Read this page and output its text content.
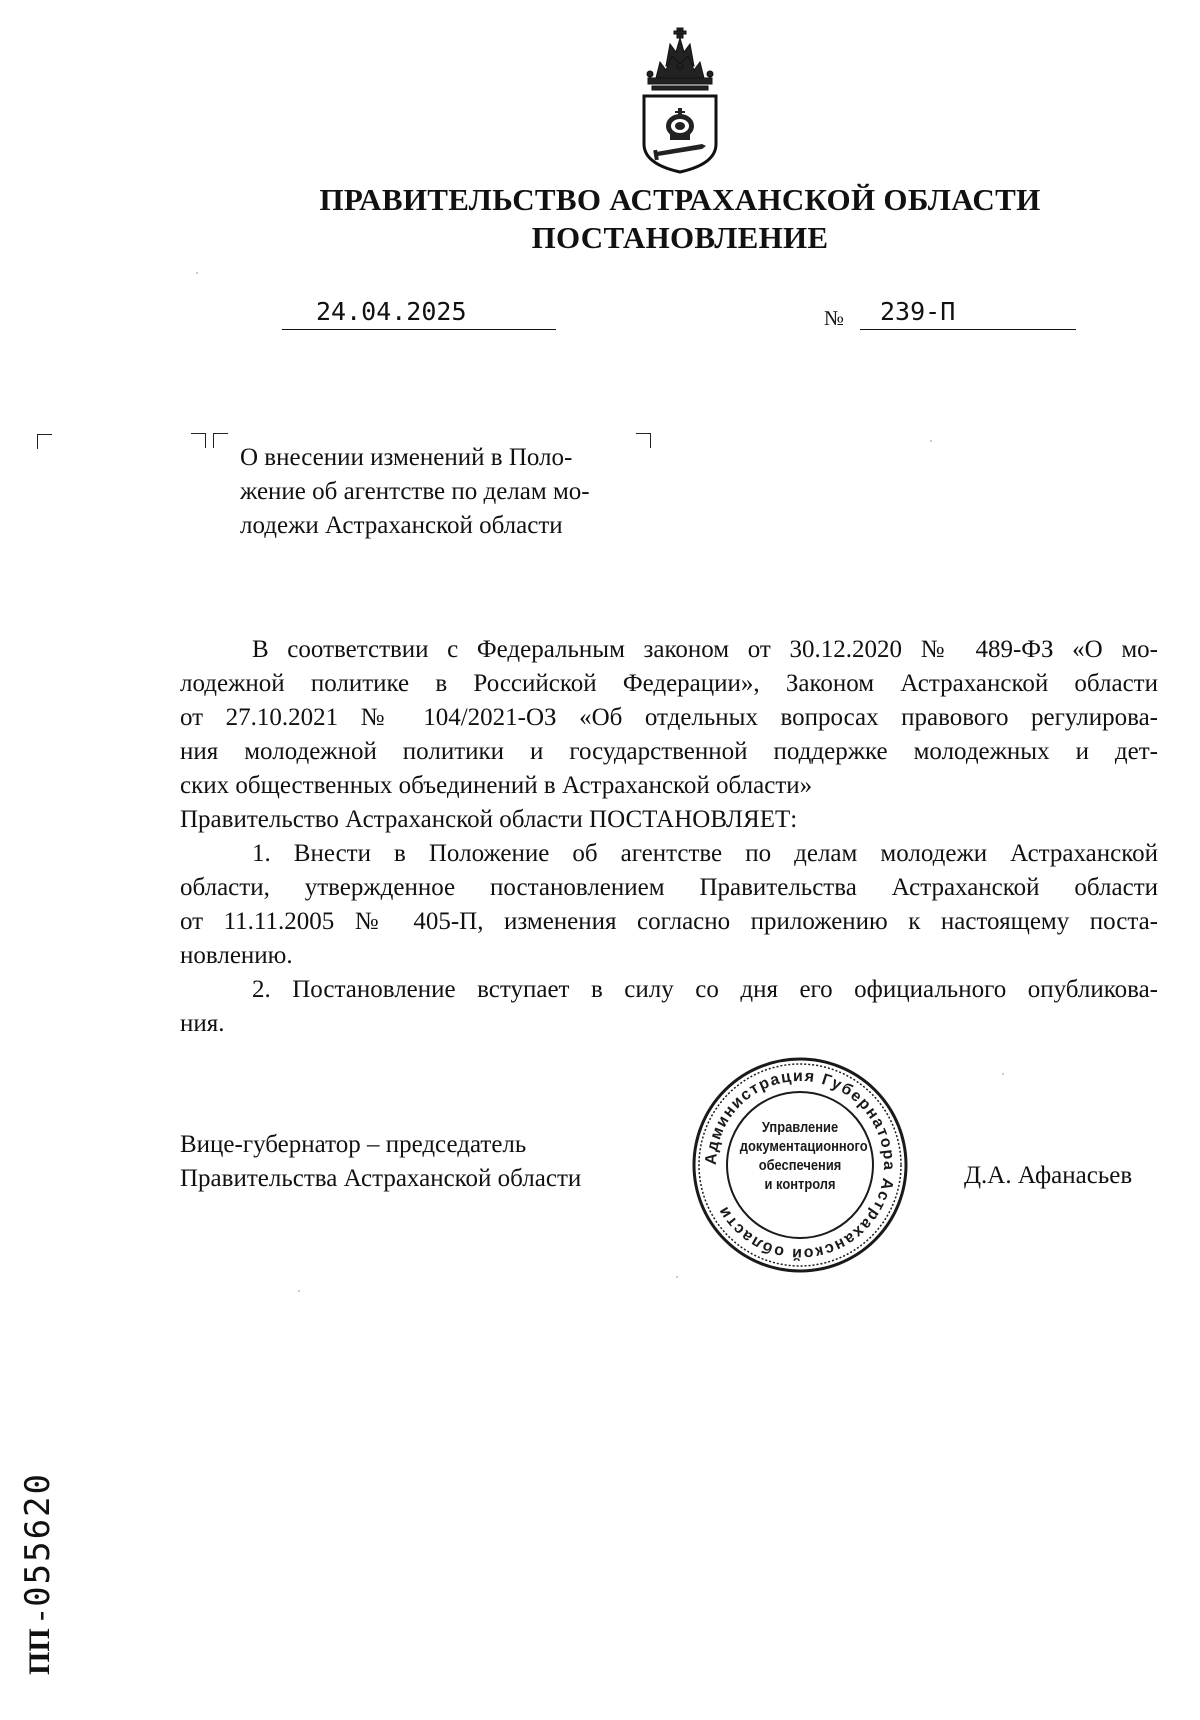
ПРАВИТЕЛЬСТВО АСТРАХАНСКОЙ ОБЛАСТИ
ПОСТАНОВЛЕНИЕ
24.04.2025	№ 239-П
О внесении изменений в Поло-
жение об агентстве по делам мо-
лодежи Астраханской области
В соответствии с Федеральным законом от 30.12.2020 № 489-ФЗ «О мо-
лодежной политике в Российской Федерации», Законом Астраханской области
от 27.10.2021 № 104/2021-ОЗ «Об отдельных вопросах правового регулирова-
ния молодежной политики и государственной поддержке молодежных и дет-
ских общественных объединений в Астраханской области»
Правительство Астраханской области ПОСТАНОВЛЯЕТ:
1. Внести в Положение об агентстве по делам молодежи Астраханской
области, утвержденное постановлением Правительства Астраханской области
от 11.11.2005 № 405-П, изменения согласно приложению к настоящему поста-
новлению.
2. Постановление вступает в силу со дня его официального опубликова-
ния.
Вице-губернатор – председатель
Правительства Астраханской области	Д.А. Афанасьев
Администрация Губернатора Астраханской области
Управление
документационного
обеспечения
и контроля
ПП - 055620
